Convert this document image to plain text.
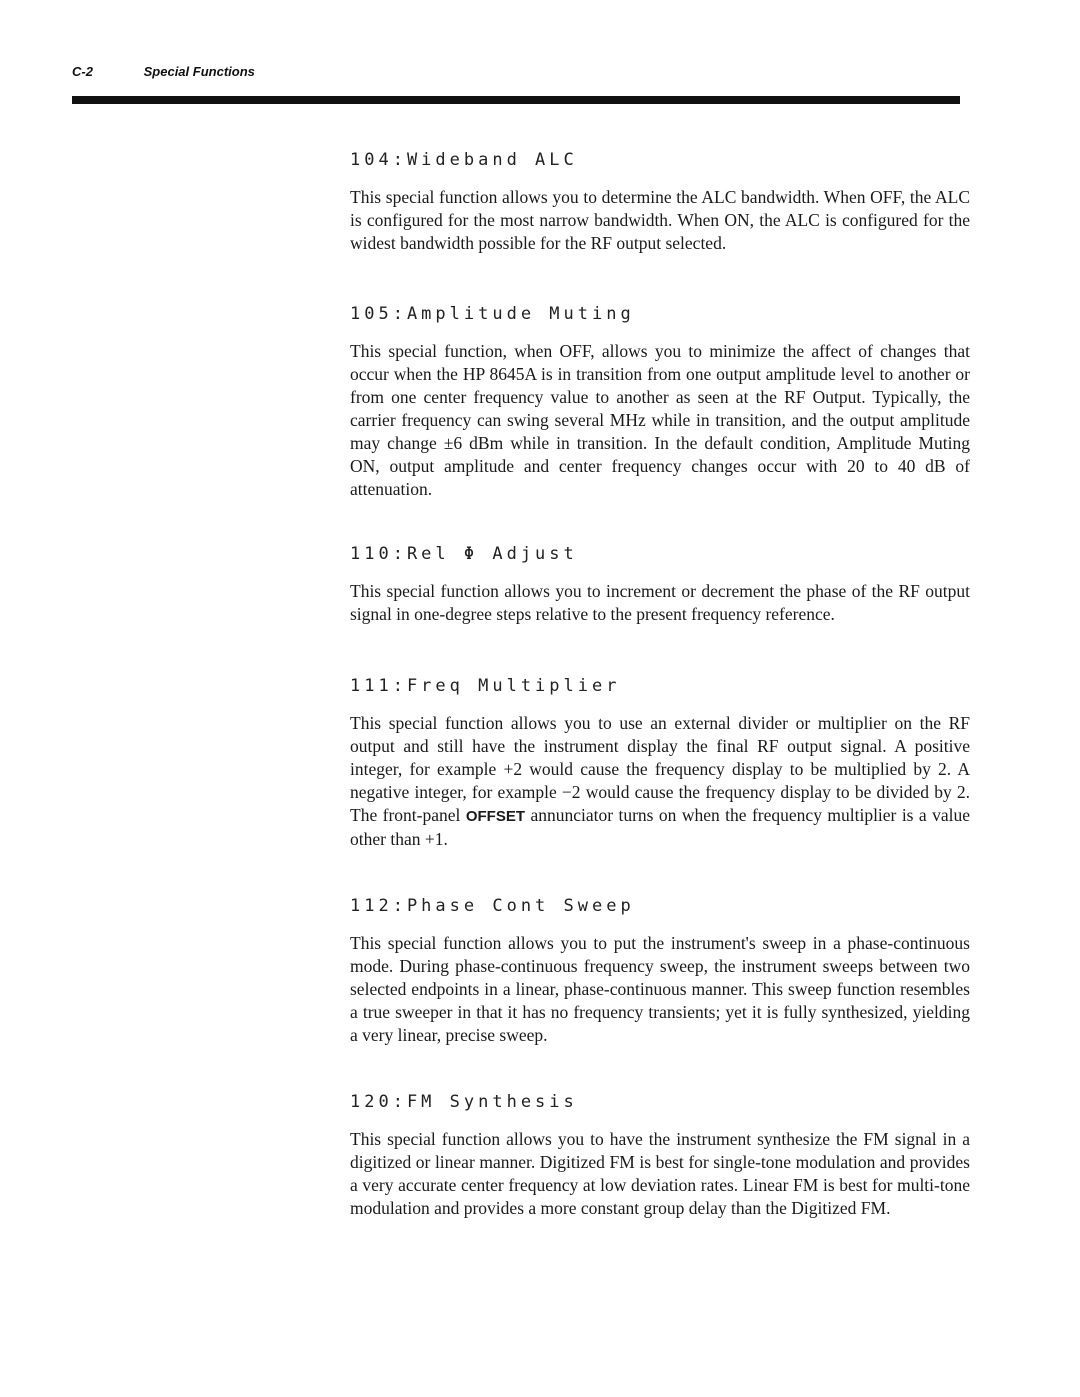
C-2	Special Functions
104:Wideband ALC

This special function allows you to determine the ALC bandwidth. When OFF, the ALC is configured for the most narrow bandwidth. When ON, the ALC is configured for the widest bandwidth possible for the RF output selected.

105:Amplitude Muting

This special function, when OFF, allows you to minimize the affect of changes that occur when the HP 8645A is in transition from one output amplitude level to another or from one center frequency value to another as seen at the RF Output. Typically, the carrier frequency can swing several MHz while in transition, and the output amplitude may change ±6 dBm while in transition. In the default condition, Amplitude Muting ON, output amplitude and center frequency changes occur with 20 to 40 dB of attenuation.

110:Rel Φ Adjust

This special function allows you to increment or decrement the phase of the RF output signal in one-degree steps relative to the present frequency reference.

111:Freq Multiplier

This special function allows you to use an external divider or multiplier on the RF output and still have the instrument display the final RF output signal. A positive integer, for example +2 would cause the frequency display to be multiplied by 2. A negative integer, for example −2 would cause the frequency display to be divided by 2. The front-panel OFFSET annunciator turns on when the frequency multiplier is a value other than +1.

112:Phase Cont Sweep

This special function allows you to put the instrument's sweep in a phase-continuous mode. During phase-continuous frequency sweep, the instrument sweeps between two selected endpoints in a linear, phase-continuous manner. This sweep function resembles a true sweeper in that it has no frequency transients; yet it is fully synthesized, yielding a very linear, precise sweep.

120:FM Synthesis

This special function allows you to have the instrument synthesize the FM signal in a digitized or linear manner. Digitized FM is best for single-tone modulation and provides a very accurate center frequency at low deviation rates. Linear FM is best for multi-tone modulation and provides a more constant group delay than the Digitized FM.
